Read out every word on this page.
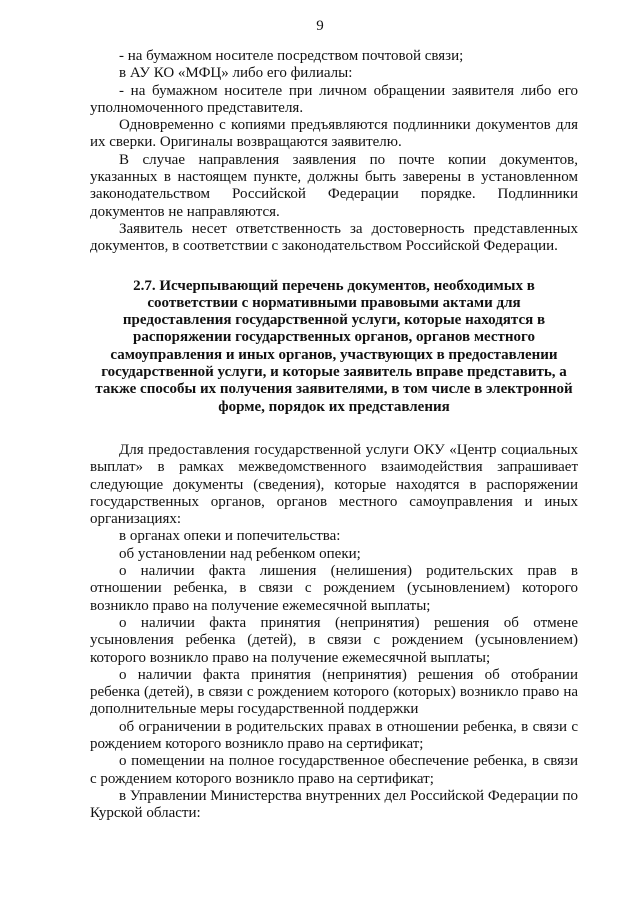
9

- на бумажном носителе посредством почтовой связи;

в АУ КО «МФЦ» либо его филиалы:

- на бумажном носителе при личном обращении заявителя либо его уполномоченного представителя.

Одновременно с копиями предъявляются подлинники документов для их сверки. Оригиналы возвращаются заявителю.

В случае направления заявления по почте копии документов, указанных в настоящем пункте, должны быть заверены в установленном законодательством Российской Федерации порядке. Подлинники документов не направляются.

Заявитель несет ответственность за достоверность представленных документов, в соответствии с законодательством Российской Федерации.

2.7. Исчерпывающий перечень документов, необходимых в соответствии с нормативными правовыми актами для предоставления государственной услуги, которые находятся в распоряжении государственных органов, органов местного самоуправления и иных органов, участвующих в предоставлении государственной услуги, и которые заявитель вправе представить, а также способы их получения заявителями, в том числе в электронной форме, порядок их представления

Для предоставления государственной услуги ОКУ «Центр социальных выплат» в рамках межведомственного взаимодействия запрашивает следующие документы (сведения), которые находятся в распоряжении государственных органов, органов местного самоуправления и иных организациях:

в органах опеки и попечительства:

об установлении над ребенком опеки;

о наличии факта лишения (нелишения) родительских прав в отношении ребенка, в связи с рождением (усыновлением) которого возникло право на получение ежемесячной выплаты;

о наличии факта принятия (непринятия) решения об отмене усыновления ребенка (детей), в связи с рождением (усыновлением) которого возникло право на получение ежемесячной выплаты;

о наличии факта принятия (непринятия) решения об отобрании ребенка (детей), в связи с рождением которого (которых) возникло право на дополнительные меры государственной поддержки

об ограничении в родительских правах в отношении ребенка, в связи с рождением которого возникло право на сертификат;

о помещении на полное государственное обеспечение ребенка, в связи с рождением которого возникло право на сертификат;

в Управлении Министерства внутренних дел Российской Федерации по Курской области:
